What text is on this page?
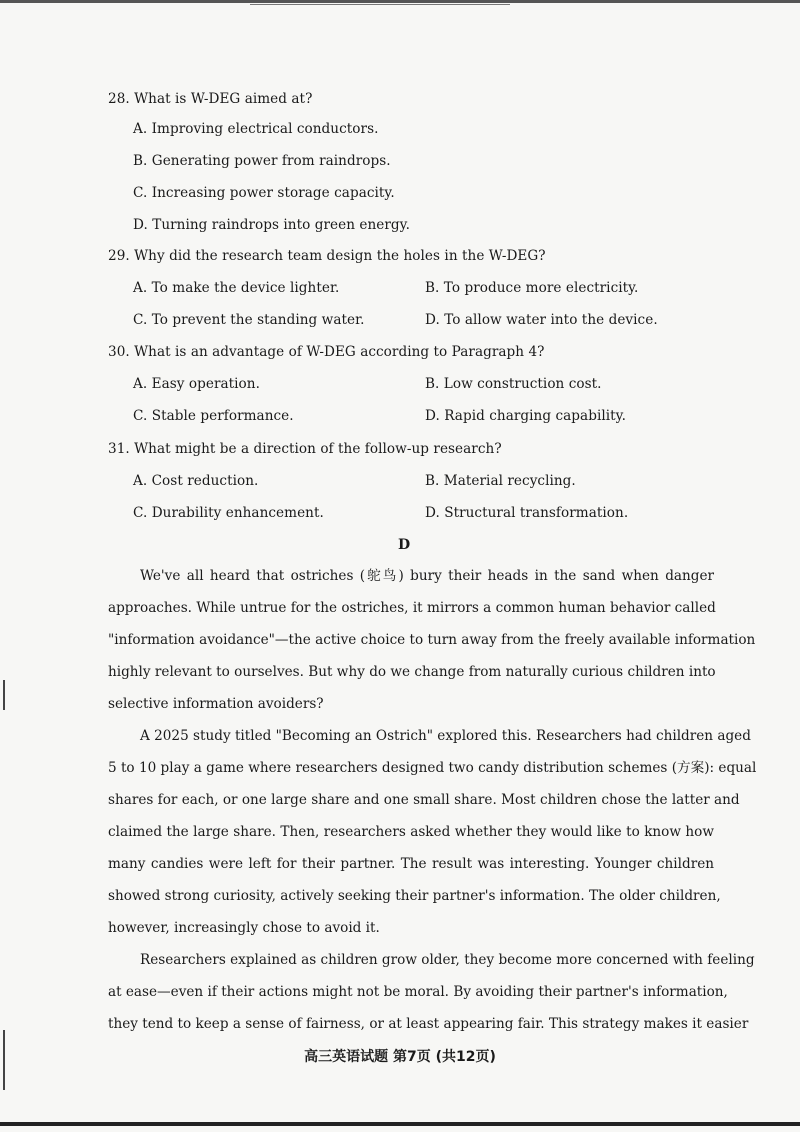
28. What is W-DEG aimed at?
A. Improving electrical conductors.
B. Generating power from raindrops.
C. Increasing power storage capacity.
D. Turning raindrops into green energy.
29. Why did the research team design the holes in the W-DEG?
A. To make the device lighter.	B. To produce more electricity.
C. To prevent the standing water.	D. To allow water into the device.
30. What is an advantage of W-DEG according to Paragraph 4?
A. Easy operation.	B. Low construction cost.
C. Stable performance.	D. Rapid charging capability.
31. What might be a direction of the follow-up research?
A. Cost reduction.	B. Material recycling.
C. Durability enhancement.	D. Structural transformation.
D
We've all heard that ostriches (鸵鸟) bury their heads in the sand when danger
approaches. While untrue for the ostriches, it mirrors a common human behavior called
"information avoidance"—the active choice to turn away from the freely available information
highly relevant to ourselves. But why do we change from naturally curious children into
selective information avoiders?
A 2025 study titled "Becoming an Ostrich" explored this. Researchers had children aged
5 to 10 play a game where researchers designed two candy distribution schemes (方案): equal
shares for each, or one large share and one small share. Most children chose the latter and
claimed the large share. Then, researchers asked whether they would like to know how
many candies were left for their partner. The result was interesting. Younger children
showed strong curiosity, actively seeking their partner's information. The older children,
however, increasingly chose to avoid it.
Researchers explained as children grow older, they become more concerned with feeling
at ease—even if their actions might not be moral. By avoiding their partner's information,
they tend to keep a sense of fairness, or at least appearing fair. This strategy makes it easier
高三英语试题 第7页 (共12页)
